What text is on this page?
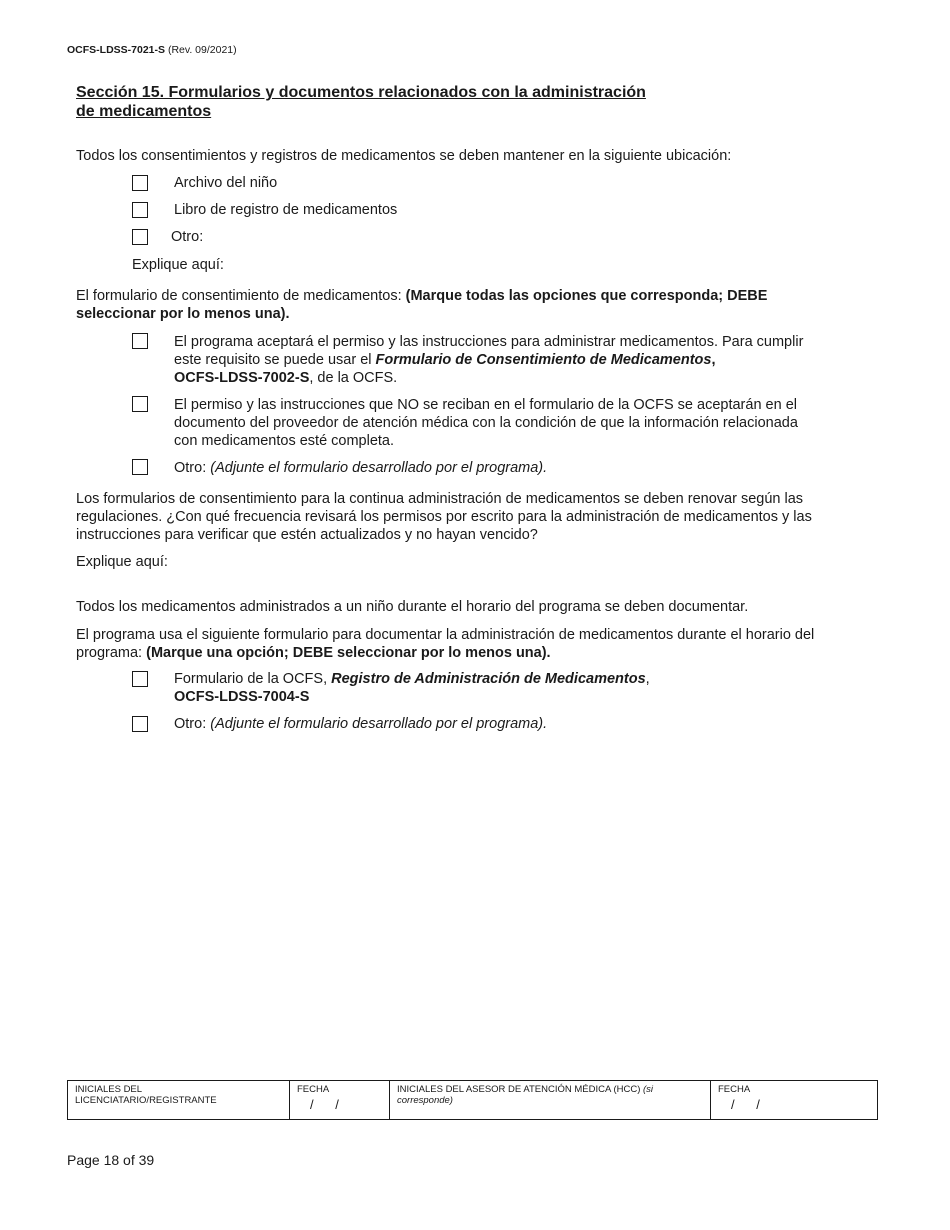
OCFS-LDSS-7021-S (Rev. 09/2021)
Sección 15. Formularios y documentos relacionados con la administración
de medicamentos
Todos los consentimientos y registros de medicamentos se deben mantener en la siguiente ubicación:
Archivo del niño
Libro de registro de medicamentos
Otro:
Explique aquí:
El formulario de consentimiento de medicamentos: (Marque todas las opciones que corresponda; DEBE
seleccionar por lo menos una).
El programa aceptará el permiso y las instrucciones para administrar medicamentos. Para cumplir
este requisito se puede usar el Formulario de Consentimiento de Medicamentos,
OCFS-LDSS-7002-S, de la OCFS.
El permiso y las instrucciones que NO se reciban en el formulario de la OCFS se aceptarán en el
documento del proveedor de atención médica con la condición de que la información relacionada
con medicamentos esté completa.
Otro: (Adjunte el formulario desarrollado por el programa).
Los formularios de consentimiento para la continua administración de medicamentos se deben renovar según las
regulaciones. ¿Con qué frecuencia revisará los permisos por escrito para la administración de medicamentos y las
instrucciones para verificar que estén actualizados y no hayan vencido?
Explique aquí:
Todos los medicamentos administrados a un niño durante el horario del programa se deben documentar.
El programa usa el siguiente formulario para documentar la administración de medicamentos durante el horario del
programa: (Marque una opción; DEBE seleccionar por lo menos una).
Formulario de la OCFS, Registro de Administración de Medicamentos,
OCFS-LDSS-7004-S
Otro: (Adjunte el formulario desarrollado por el programa).
INICIALES DEL LICENCIATARIO/REGISTRANTE
FECHA
/      /
INICIALES DEL ASESOR DE ATENCIÓN MÉDICA (HCC) (si corresponde)
FECHA
/      /
Page 18 of 39
